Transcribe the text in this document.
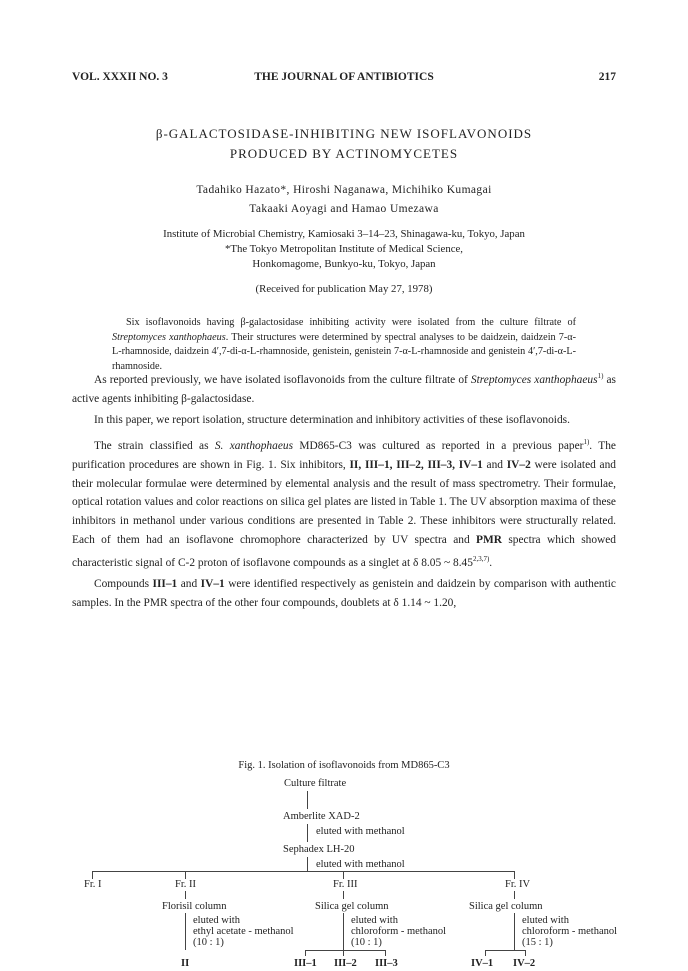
VOL. XXXII NO. 3	THE JOURNAL OF ANTIBIOTICS	217
β-GALACTOSIDASE-INHIBITING NEW ISOFLAVONOIDS
PRODUCED BY ACTINOMYCETES
Tadahiko Hazato*, Hiroshi Naganawa, Michihiko Kumagai
Takaaki Aoyagi and Hamao Umezawa
Institute of Microbial Chemistry, Kamiosaki 3–14–23, Shinagawa-ku, Tokyo, Japan
*The Tokyo Metropolitan Institute of Medical Science,
Honkomagome, Bunkyo-ku, Tokyo, Japan
(Received for publication May 27, 1978)

Six isoflavonoids having β-galactosidase inhibiting activity were isolated from the culture filtrate of Streptomyces xanthophaeus. Their structures were determined by spectral analyses to be daidzein, daidzein 7-α-L-rhamnoside, daidzein 4′,7-di-α-L-rhamnoside, genistein, genistein 7-α-L-rhamnoside and genistein 4′,7-di-α-L-rhamnoside.

As reported previously, we have isolated isoflavonoids from the culture filtrate of Streptomyces xanthophaeus$^{1)}$ as active agents inhibiting β-galactosidase.

In this paper, we report isolation, structure determination and inhibitory activities of these isoflavonoids.

The strain classified as S. xanthophaeus MD865-C3 was cultured as reported in a previous paper$^{1)}$. The purification procedures are shown in Fig. 1. Six inhibitors, II, III–1, III–2, III–3, IV–1 and IV–2 were isolated and their molecular formulae were determined by elemental analysis and the result of mass spectrometry. Their formulae, optical rotation values and color reactions on silica gel plates are listed in Table 1. The UV absorption maxima of these inhibitors in methanol under various conditions are presented in Table 2. These inhibitors were structurally related. Each of them had an isoflavone chromophore characterized by UV spectra and PMR spectra which showed characteristic signal of C-2 proton of isoflavone compounds as a singlet at δ 8.05 ~ 8.45$^{2,3,7)}$.

Compounds III–1 and IV–1 were identified respectively as genistein and daidzein by comparison with authentic samples. In the PMR spectra of the other four compounds, doublets at δ 1.14 ~ 1.20,

Fig. 1. Isolation of isoflavonoids from MD865-C3
Culture filtrate
Amberlite XAD-2
eluted with methanol
Sephadex LH-20
eluted with methanol
Fr. I	Fr. II	Fr. III	Fr. IV
Florisil column	Silica gel column	Silica gel column
eluted with
ethyl acetate - methanol
(10 : 1)
eluted with
chloroform - methanol
(10 : 1)
eluted with
chloroform - methanol
(15 : 1)
II	III–1 III–2 III–3	IV–1 IV–2
